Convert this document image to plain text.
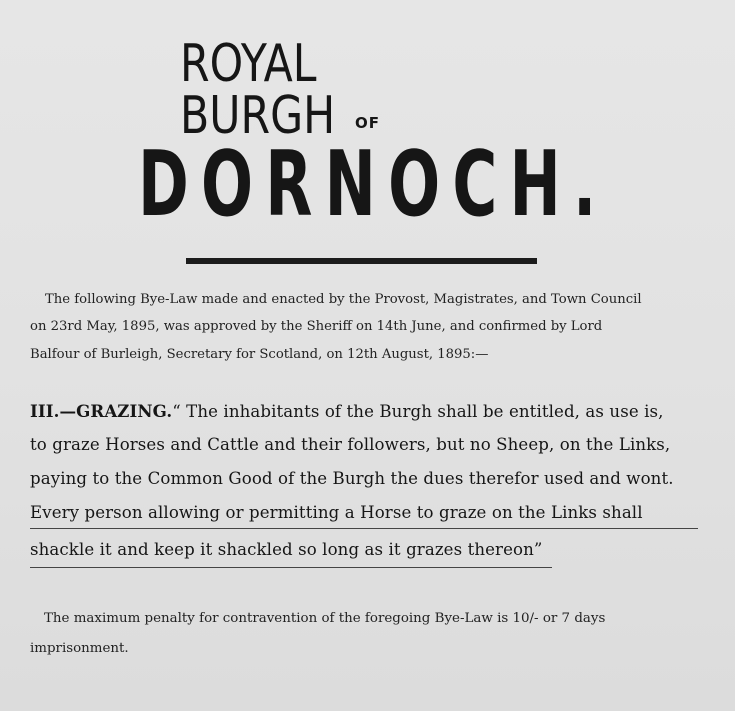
ROYAL BURGH	OF
DORNOCH.
The following Bye-Law made and enacted by the Provost, Magistrates, and Town Council
on 23rd May, 1895, was approved by the Sheriff on 14th June, and confirmed by Lord
Balfour of Burleigh, Secretary for Scotland, on 12th August, 1895:—
III.—GRAZING.“ The inhabitants of the Burgh shall be entitled, as use is,
to graze Horses and Cattle and their followers, but no Sheep, on the Links,
paying to the Common Good of the Burgh the dues therefor used and wont.
Every person allowing or permitting a Horse to graze on the Links shall
shackle it and keep it shackled so long as it grazes thereon”
The maximum penalty for contravention of the foregoing Bye-Law is 10/- or 7 days
imprisonment.
